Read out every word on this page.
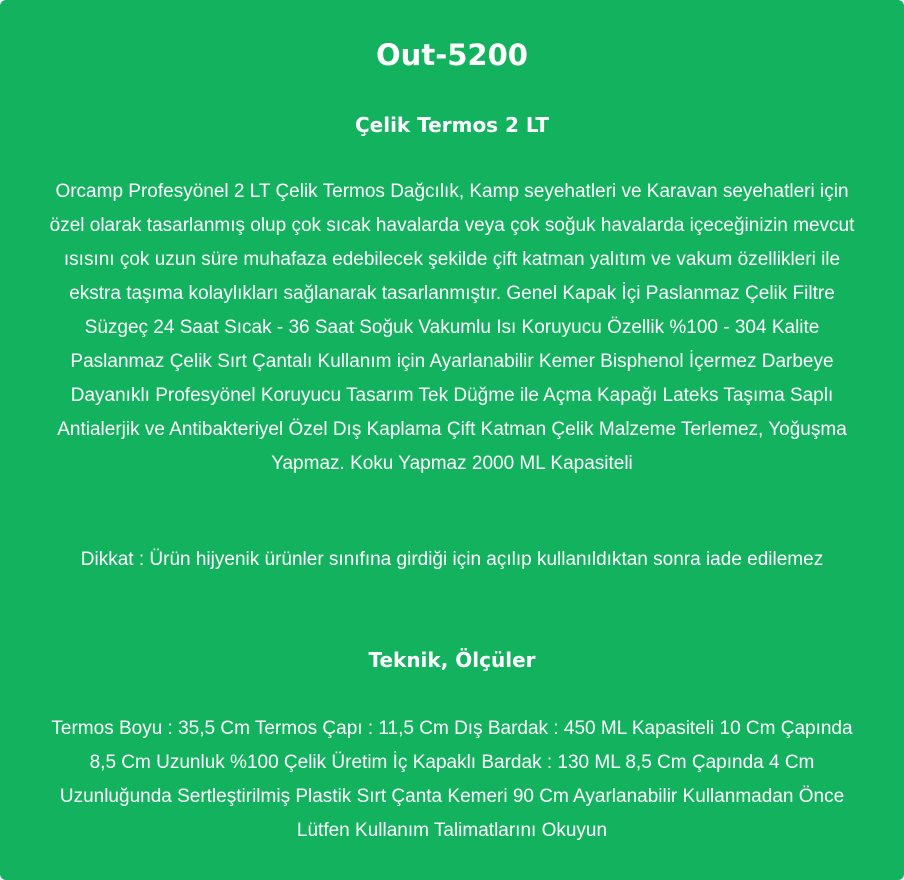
Out-5200
Çelik Termos 2 LT

Orcamp Profesyönel 2 LT Çelik Termos Dağcılık, Kamp seyehatleri ve Karavan seyehatleri için özel olarak tasarlanmış olup çok sıcak havalarda veya çok soğuk havalarda içeceğinizin mevcut ısısını çok uzun süre muhafaza edebilecek şekilde çift katman yalıtım ve vakum özellikleri ile ekstra taşıma kolaylıkları sağlanarak tasarlanmıştır. Genel Kapak İçi Paslanmaz Çelik Filtre Süzgeç 24 Saat Sıcak - 36 Saat Soğuk Vakumlu Isı Koruyucu Özellik %100 - 304 Kalite Paslanmaz Çelik Sırt Çantalı Kullanım için Ayarlanabilir Kemer Bisphenol İçermez Darbeye Dayanıklı Profesyönel Koruyucu Tasarım Tek Düğme ile Açma Kapağı Lateks Taşıma Saplı Antialerjik ve Antibakteriyel Özel Dış Kaplama Çift Katman Çelik Malzeme Terlemez, Yoğuşma Yapmaz. Koku Yapmaz 2000 ML Kapasiteli

Dikkat : Ürün hijyenik ürünler sınıfına girdiği için açılıp kullanıldıktan sonra iade edilemez

Teknik, Ölçüler

Termos Boyu : 35,5 Cm Termos Çapı : 11,5 Cm Dış Bardak : 450 ML Kapasiteli 10 Cm Çapında 8,5 Cm Uzunluk %100 Çelik Üretim İç Kapaklı Bardak : 130 ML 8,5 Cm Çapında 4 Cm Uzunluğunda Sertleştirilmiş Plastik Sırt Çanta Kemeri 90 Cm Ayarlanabilir Kullanmadan Önce Lütfen Kullanım Talimatlarını Okuyun
